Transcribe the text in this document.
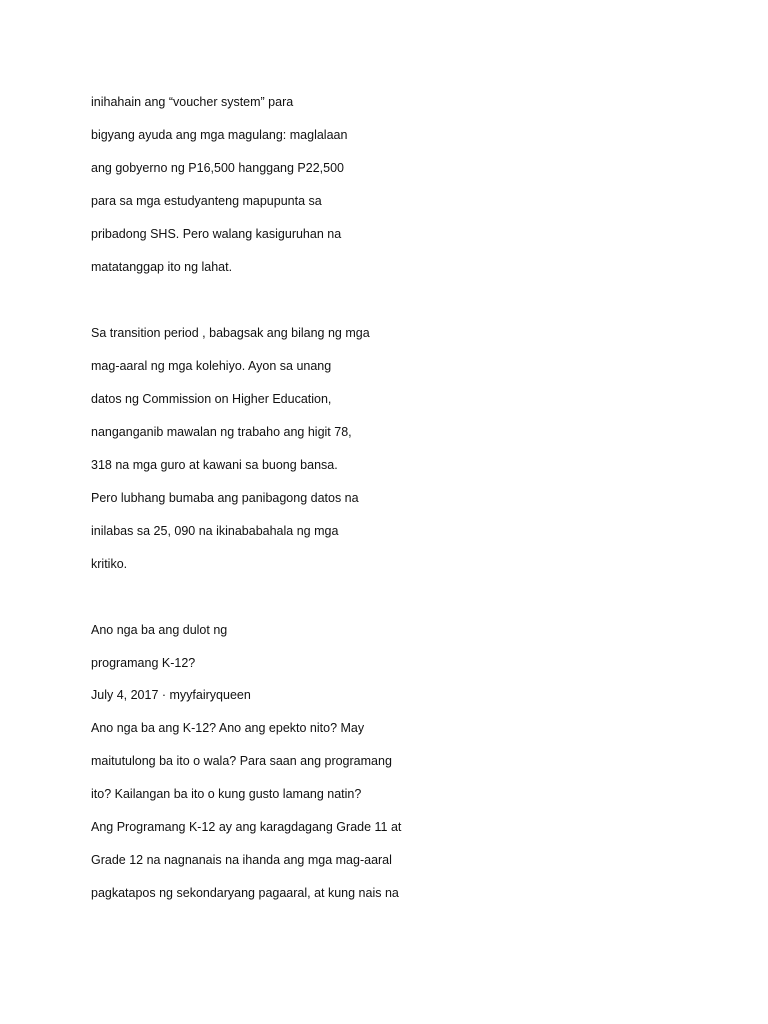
inihahain ang “voucher system” para

bigyang ayuda ang mga magulang: maglalaan

ang gobyerno ng P16,500 hanggang P22,500

para sa mga estudyanteng mapupunta sa

pribadong SHS. Pero walang kasiguruhan na

matatanggap ito ng lahat.

Sa transition period , babagsak ang bilang ng mga

mag-aaral ng mga kolehiyo. Ayon sa unang

datos ng Commission on Higher Education,

nanganganib mawalan ng trabaho ang higit 78,

318 na mga guro at kawani sa buong bansa.

Pero lubhang bumaba ang panibagong datos na

inilabas sa 25, 090 na ikinababahala ng mga

kritiko.

Ano nga ba ang dulot ng

programang K-12?

July 4, 2017 · myyfairyqueen

Ano nga ba ang K-12? Ano ang epekto nito? May

maitutulong ba ito o wala? Para saan ang programang

ito? Kailangan ba ito o kung gusto lamang natin?

Ang Programang K-12 ay ang karagdagang Grade 11 at

Grade 12 na nagnanais na ihanda ang mga mag-aaral

pagkatapos ng sekondaryang pagaaral, at kung nais na
